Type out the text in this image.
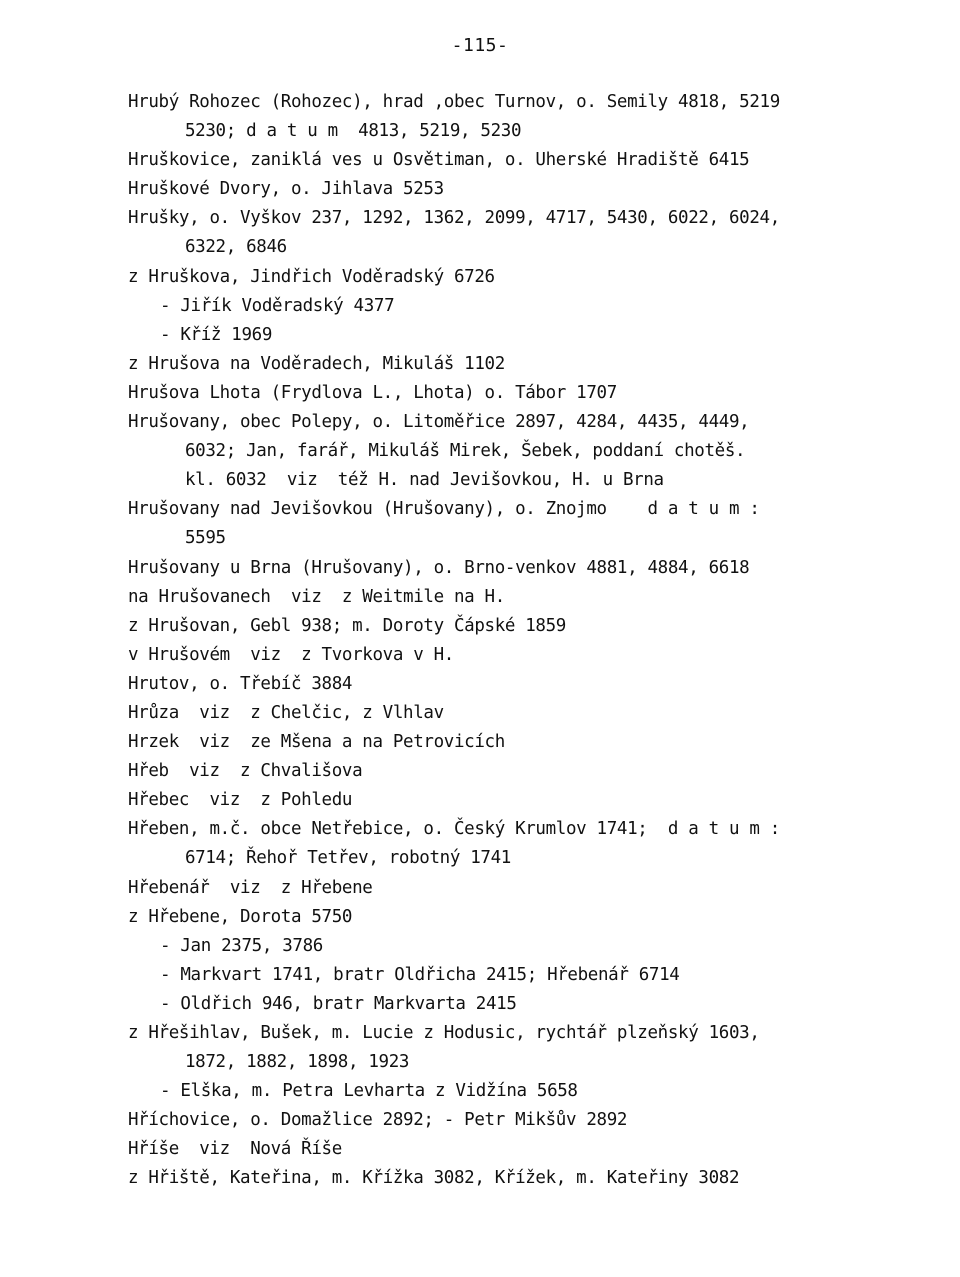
-115-
Hrubý Rohozec (Rohozec), hrad ,obec Turnov, o. Semily 4818, 5219
5230; d a t u m  4813, 5219, 5230
Hruškovice, zaniklá ves u Osvětiman, o. Uherské Hradiště 6415
Hruškové Dvory, o. Jihlava 5253
Hrušky, o. Vyškov 237, 1292, 1362, 2099, 4717, 5430, 6022, 6024,
6322, 6846
z Hruškova, Jindřich Voděradský 6726
- Jiřík Voděradský 4377
- Kříž 1969
z Hrušova na Voděradech, Mikuláš 1102
Hrušova Lhota (Frydlova L., Lhota) o. Tábor 1707
Hrušovany, obec Polepy, o. Litoměřice 2897, 4284, 4435, 4449,
6032; Jan, farář, Mikuláš Mirek, Šebek, poddaní chotěš.
kl. 6032  viz  též H. nad Jevišovkou, H. u Brna
Hrušovany nad Jevišovkou (Hrušovany), o. Znojmo    d a t u m :
5595
Hrušovany u Brna (Hrušovany), o. Brno-venkov 4881, 4884, 6618
na Hrušovanech  viz  z Weitmile na H.
z Hrušovan, Gebl 938; m. Doroty Čápské 1859
v Hrušovém  viz  z Tvorkova v H.
Hrutov, o. Třebíč 3884
Hrůza  viz  z Chelčic, z Vlhlav
Hrzek  viz  ze Mšena a na Petrovicích
Hřeb  viz  z Chvališova
Hřebec  viz  z Pohledu
Hřeben, m.č. obce Netřebice, o. Český Krumlov 1741;  d a t u m :
6714; Řehoř Tetřev, robotný 1741
Hřebenář  viz  z Hřebene
z Hřebene, Dorota 5750
- Jan 2375, 3786
- Markvart 1741, bratr Oldřicha 2415; Hřebenář 6714
- Oldřich 946, bratr Markvarta 2415
z Hřešihlav, Bušek, m. Lucie z Hodusic, rychtář plzeňský 1603,
1872, 1882, 1898, 1923
- Elška, m. Petra Levharta z Vidžína 5658
Hříchovice, o. Domažlice 2892; - Petr Mikšův 2892
Hříše  viz  Nová Říše
z Hřiště, Kateřina, m. Křížka 3082, Křížek, m. Kateřiny 3082
